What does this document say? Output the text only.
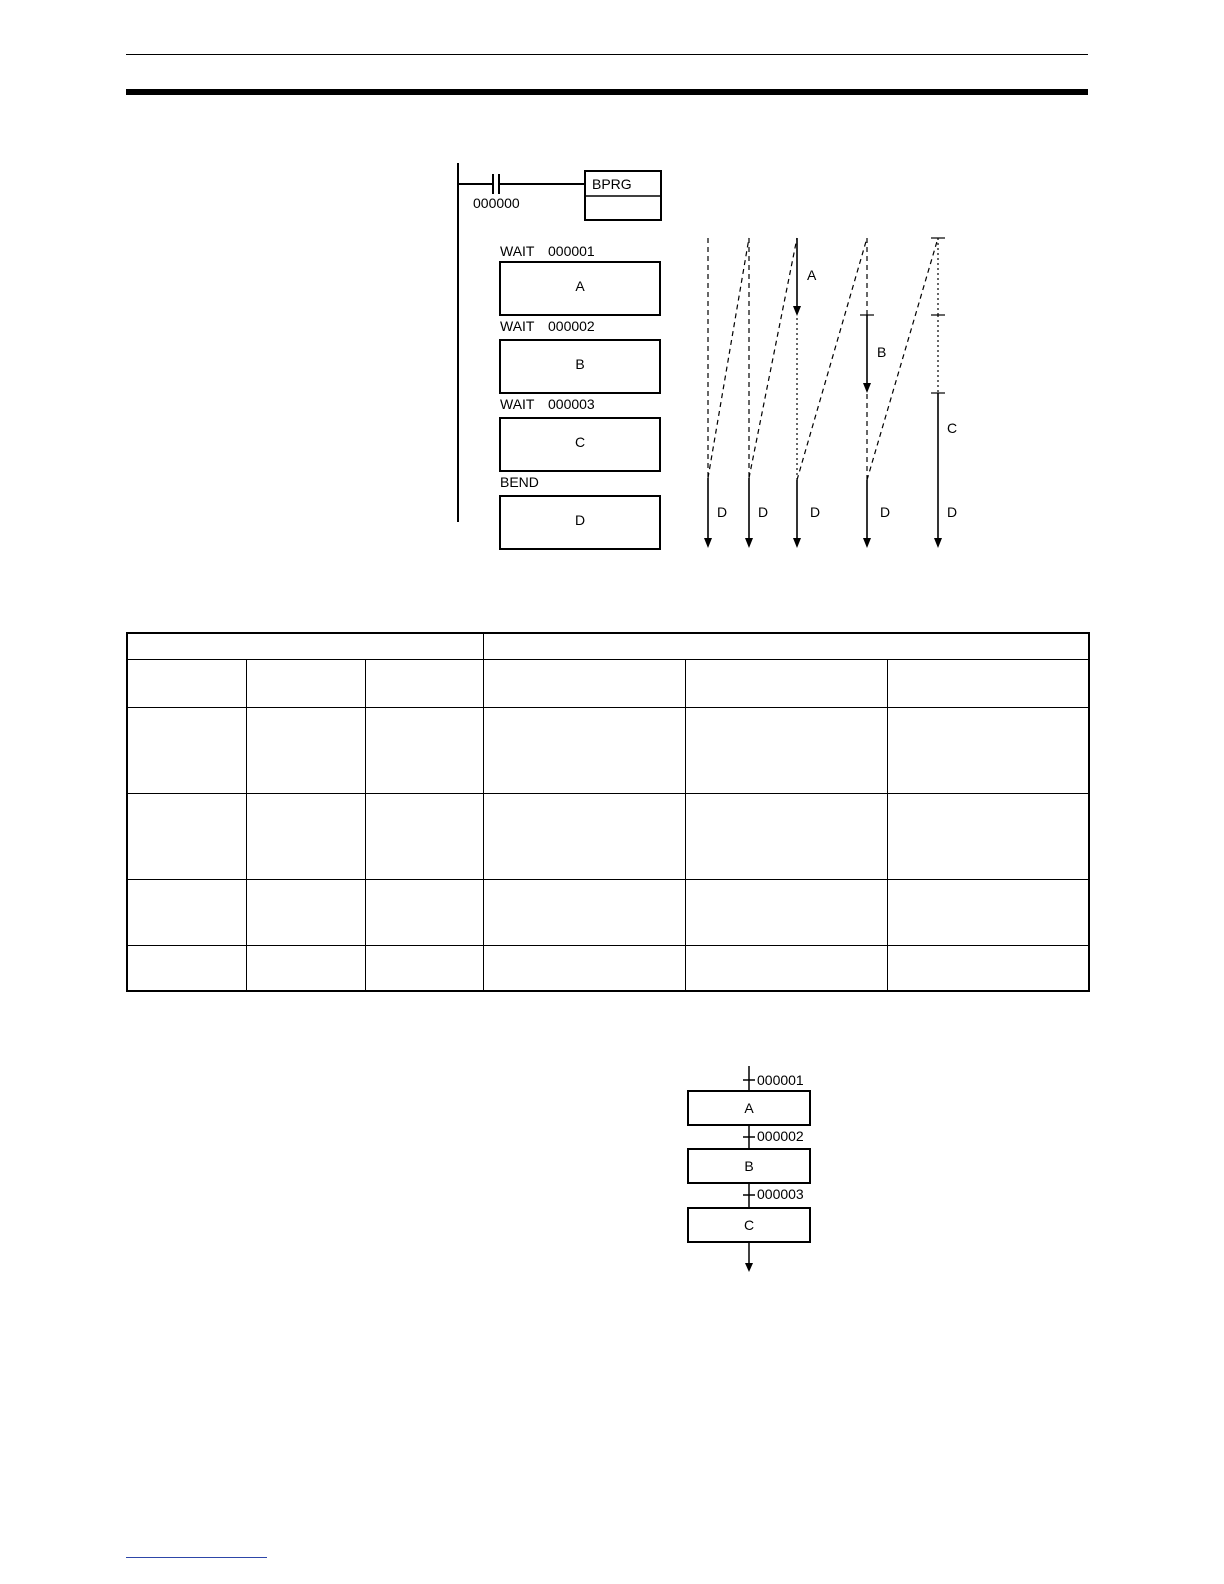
000000
BPRG
WAIT 000001
A
WAIT 000002
B
WAIT 000003
C
BEND
D
A
B
C
D D	D	D	D

000001
A
000002
B
000003
C
